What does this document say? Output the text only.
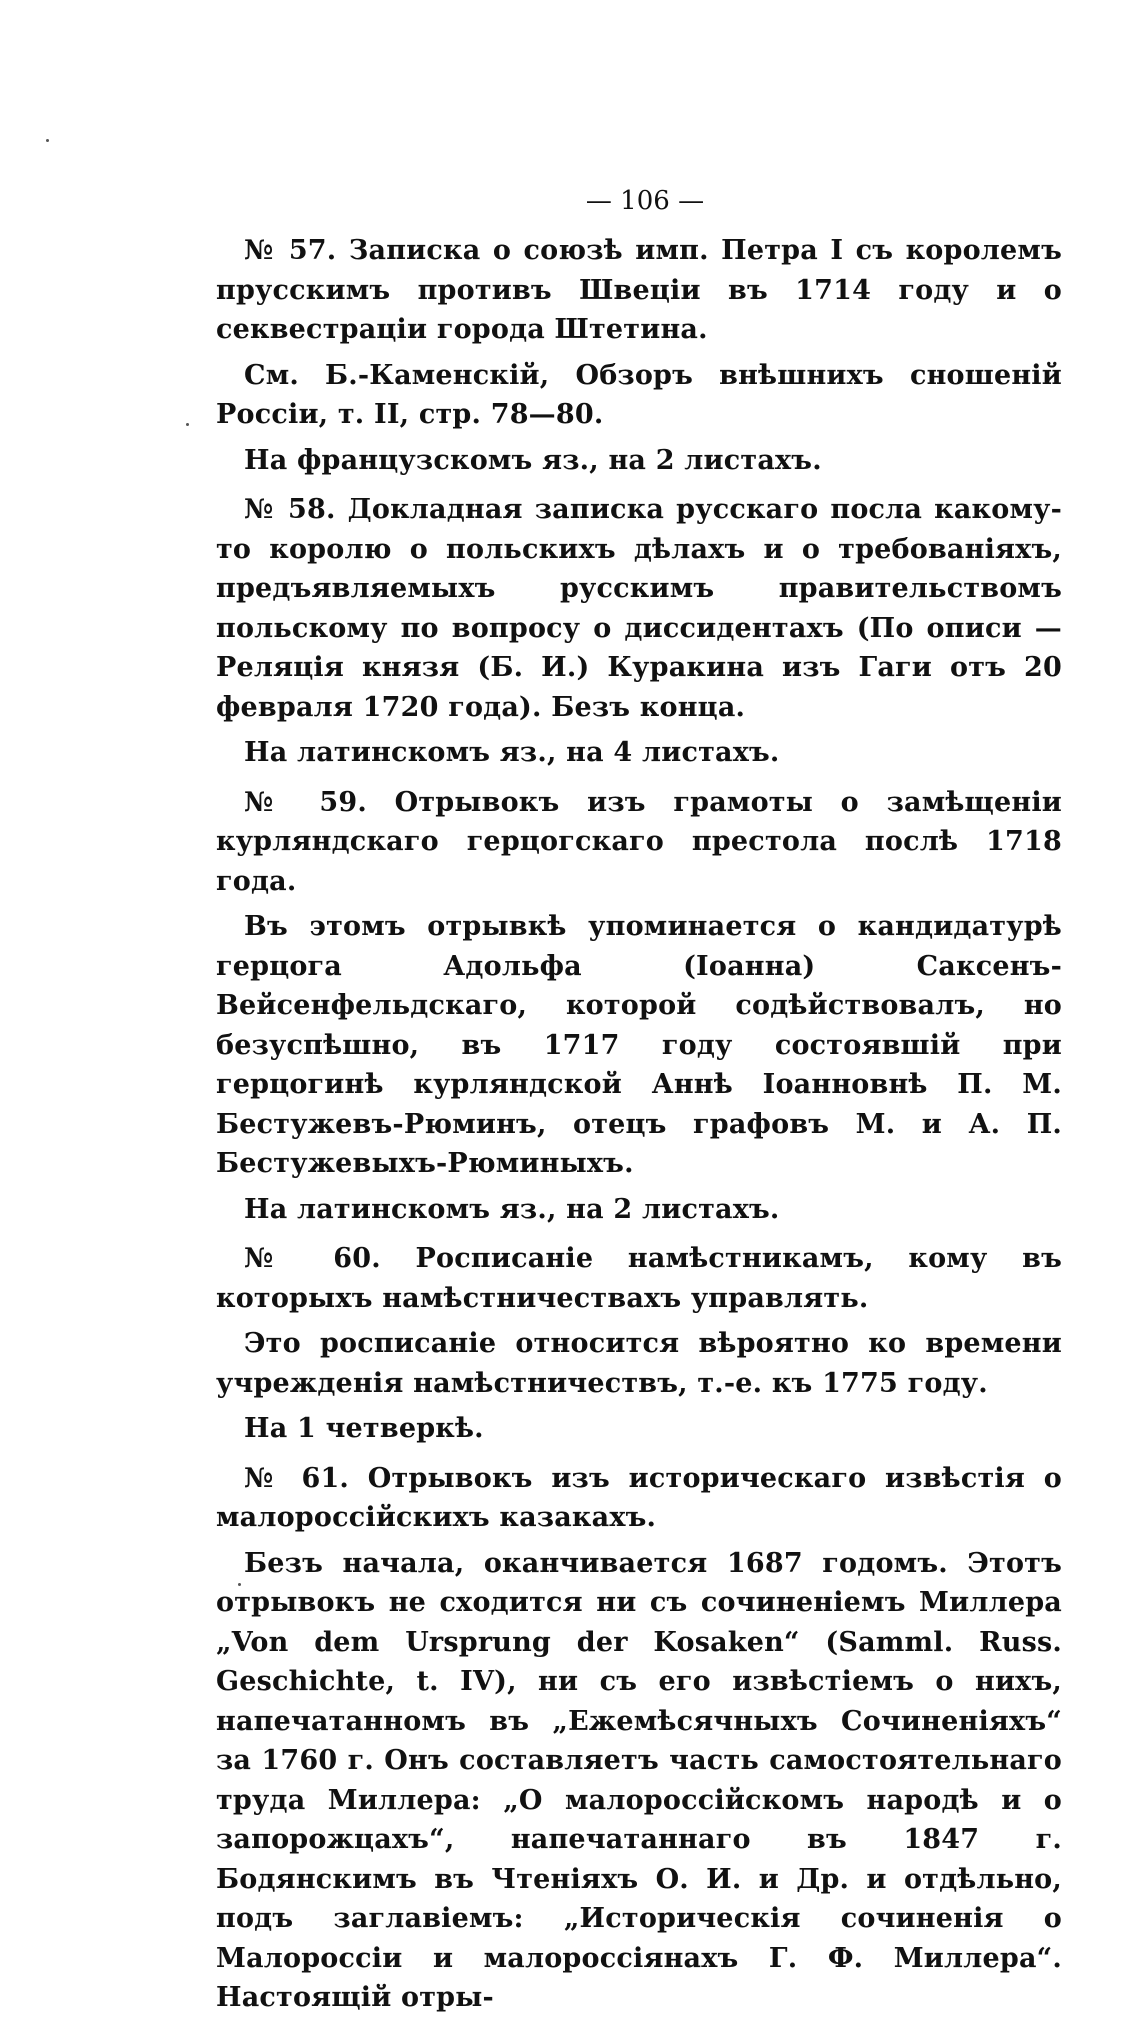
— 106 —

№ 57. Записка о союзѣ имп. Петра I съ королемъ прусскимъ противъ Швеціи въ 1714 году и о секвестраціи города Штетина.

См. Б.-Каменскій, Обзоръ внѣшнихъ сношеній Россіи, т. II, стр. 78—80.

На французскомъ яз., на 2 листахъ.

№ 58. Докладная записка русскаго посла какому-то королю о польскихъ дѣлахъ и о требованіяхъ, предъявляемыхъ русскимъ правительствомъ польскому по вопросу о диссидентахъ (По описи — Реляція князя (Б. И.) Куракина изъ Гаги отъ 20 февраля 1720 года). Безъ конца.

На латинскомъ яз., на 4 листахъ.

№ 59. Отрывокъ изъ грамоты о замѣщеніи курляндскаго герцогскаго престола послѣ 1718 года.

Въ этомъ отрывкѣ упоминается о кандидатурѣ герцога Адольфа (Іоанна) Саксенъ-Вейсенфельдскаго, которой содѣйствовалъ, но безуспѣшно, въ 1717 году состоявшій при герцогинѣ курляндской Аннѣ Іоанновнѣ П. М. Бестужевъ-Рюминъ, отецъ графовъ М. и А. П. Бестужевыхъ-Рюминыхъ.

На латинскомъ яз., на 2 листахъ.

№ 60. Росписаніе намѣстникамъ, кому въ которыхъ намѣстничествахъ управлять.

Это росписаніе относится вѣроятно ко времени учрежденія намѣстничествъ, т.-е. къ 1775 году.

На 1 четверкѣ.

№ 61. Отрывокъ изъ историческаго извѣстія о малороссійскихъ казакахъ.

Безъ начала, оканчивается 1687 годомъ. Этотъ отрывокъ не сходится ни съ сочиненіемъ Миллера „Von dem Ursprung der Kosaken“ (Samml. Russ. Geschichte, t. IV), ни съ его извѣстіемъ о нихъ, напечатанномъ въ „Ежемѣсячныхъ Сочиненіяхъ“ за 1760 г. Онъ составляетъ часть самостоятельнаго труда Миллера: „О малороссійскомъ народѣ и о запорожцахъ“, напечатаннаго въ 1847 г. Бодянскимъ въ Чтеніяхъ О. И. и Др. и отдѣльно, подъ заглавіемъ: „Историческія сочиненія о Малороссіи и малороссіянахъ Г. Ф. Миллера“. Настоящій отры-
